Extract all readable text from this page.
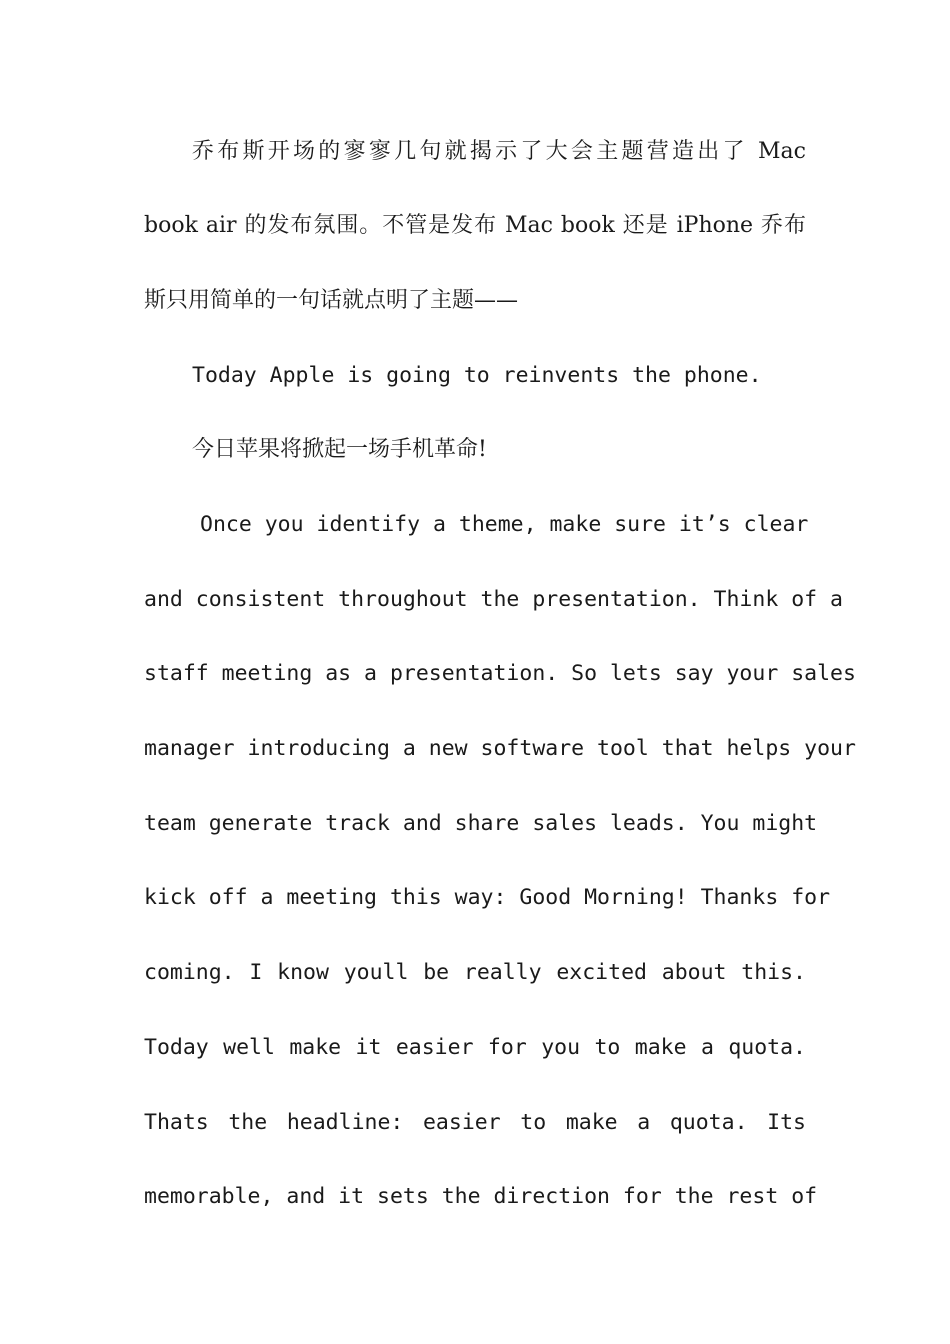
乔布斯开场的寥寥几句就揭示了大会主题营造出了 Mac
book air 的发布氛围。不管是发布 Mac book 还是 iPhone 乔布
斯只用简单的一句话就点明了主题——
Today Apple is going to reinvents the phone.
今日苹果将掀起一场手机革命!
Once you identify a theme, make sure it’s clear
and consistent throughout the presentation. Think of a
staff meeting as a presentation. So lets say your sales
manager introducing a new software tool that helps your
team generate track and share sales leads. You might
kick off a meeting this way: Good Morning! Thanks for
coming. I know youll be really excited about this.
Today well make it easier for you to make a quota.
Thats the headline: easier to make a quota. Its
memorable, and it sets the direction for the rest of
